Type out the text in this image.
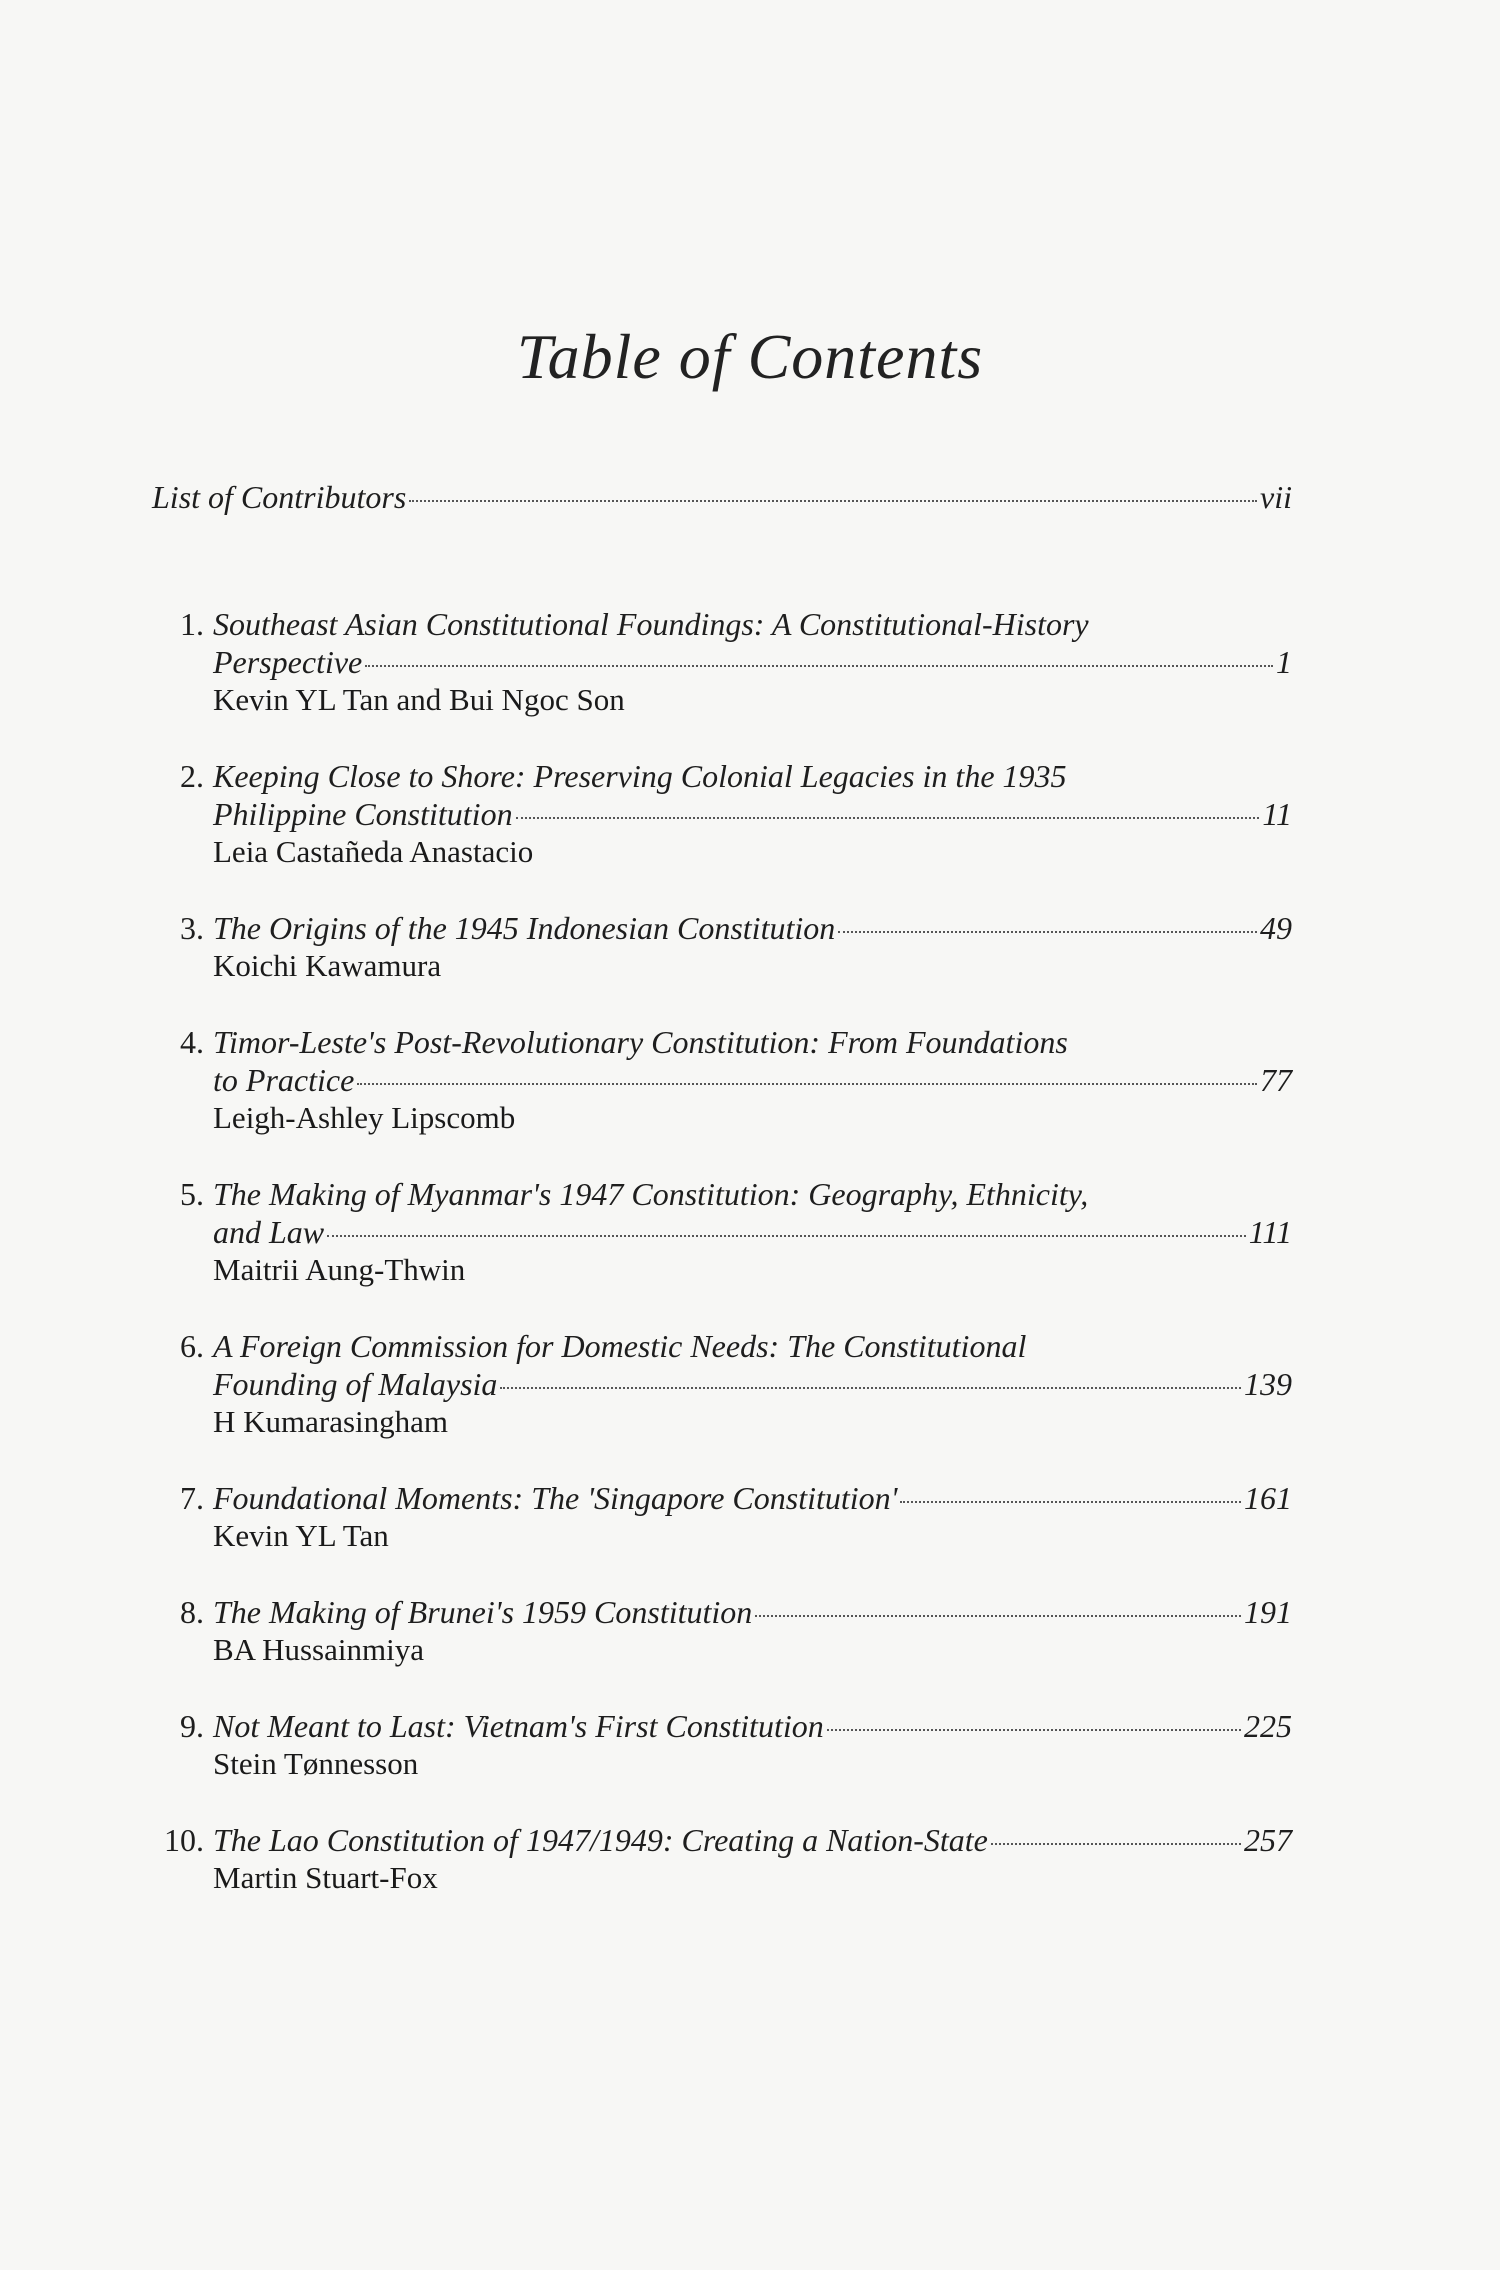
Table of Contents
List of Contributors	vii
1. Southeast Asian Constitutional Foundings: A Constitutional-History
Perspective	1
Kevin YL Tan and Bui Ngoc Son
2. Keeping Close to Shore: Preserving Colonial Legacies in the 1935
Philippine Constitution	11
Leia Castañeda Anastacio
3. The Origins of the 1945 Indonesian Constitution	49
Koichi Kawamura
4. Timor-Leste's Post-Revolutionary Constitution: From Foundations
to Practice	77
Leigh-Ashley Lipscomb
5. The Making of Myanmar's 1947 Constitution: Geography, Ethnicity,
and Law	111
Maitrii Aung-Thwin
6. A Foreign Commission for Domestic Needs: The Constitutional
Founding of Malaysia	139
H Kumarasingham
7. Foundational Moments: The 'Singapore Constitution'	161
Kevin YL Tan
8. The Making of Brunei's 1959 Constitution	191
BA Hussainmiya
9. Not Meant to Last: Vietnam's First Constitution	225
Stein Tønnesson
10. The Lao Constitution of 1947/1949: Creating a Nation-State	257
Martin Stuart-Fox
